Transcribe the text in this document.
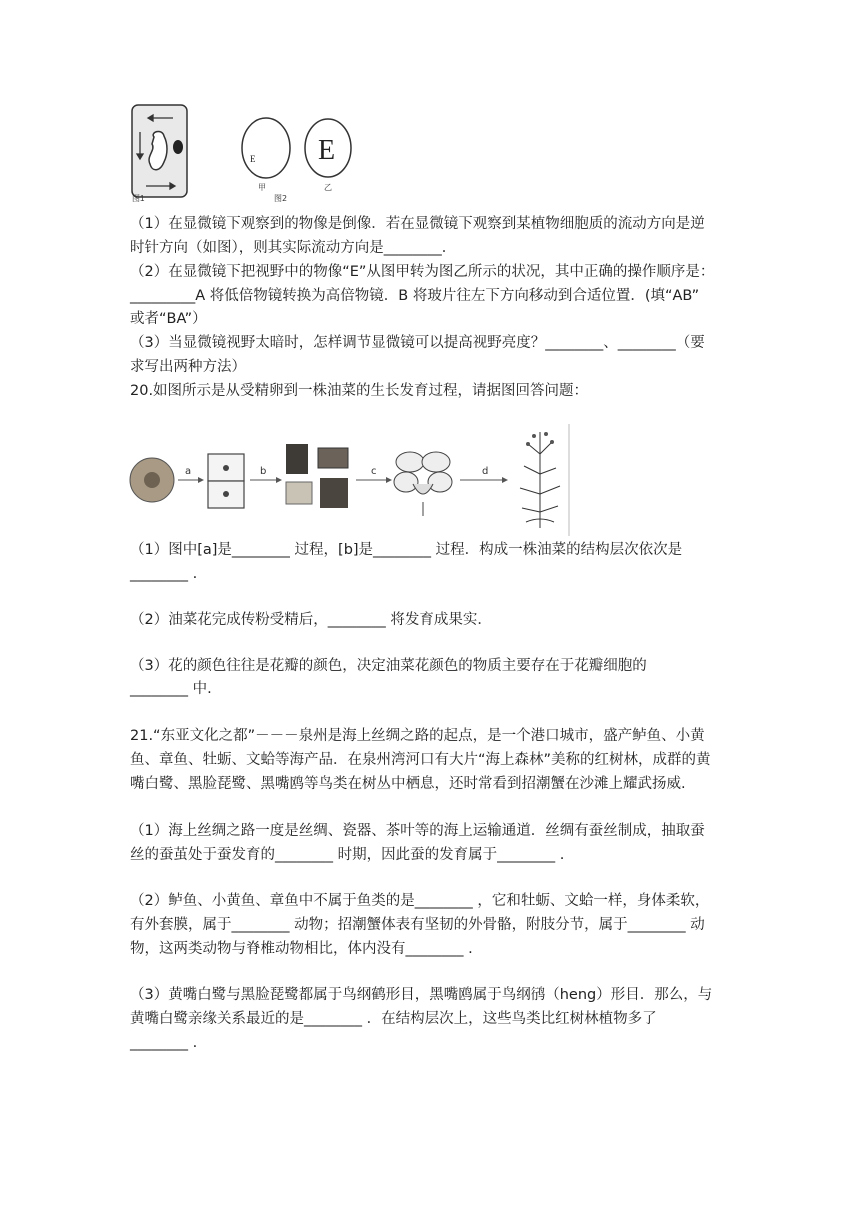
图1
E E
甲	乙
图2
（1）在显微镜下观察到的物像是倒像．若在显微镜下观察到某植物细胞质的流动方向是逆
时针方向（如图），则其实际流动方向是________．
（2）在显微镜下把视野中的物像“E”从图甲转为图乙所示的状况，其中正确的操作顺序是：
_________A 将低倍物镜转换为高倍物镜．B 将玻片往左下方向移动到合适位置．(填“AB”
或者“BA”）
（3）当显微镜视野太暗时，怎样调节显微镜可以提高视野亮度？________、________（要
求写出两种方法）
20.如图所示是从受精卵到一株油菜的生长发育过程，请据图回答问题：
a	b	c	d
（1）图中[a]是________ 过程，[b]是________ 过程．构成一株油菜的结构层次依次是
________ .
（2）油菜花完成传粉受精后，________ 将发育成果实．
（3）花的颜色往往是花瓣的颜色，决定油菜花颜色的物质主要存在于花瓣细胞的
________ 中.
21.“东亚文化之都”－－－泉州是海上丝绸之路的起点，是一个港口城市，盛产鲈鱼、小黄
鱼、章鱼、牡蛎、文蛤等海产品．在泉州湾河口有大片“海上森林”美称的红树林，成群的黄
嘴白鹭、黑脸琵鹭、黑嘴鸥等鸟类在树丛中栖息，还时常看到招潮蟹在沙滩上耀武扬威.
（1）海上丝绸之路一度是丝绸、瓷器、茶叶等的海上运输通道．丝绸有蚕丝制成，抽取蚕
丝的蚕茧处于蚕发育的________ 时期，因此蚕的发育属于________ .
（2）鲈鱼、小黄鱼、章鱼中不属于鱼类的是________ ，它和牡蛎、文蛤一样，身体柔软，
有外套膜，属于________ 动物；招潮蟹体表有坚韧的外骨骼，附肢分节，属于________ 动
物，这两类动物与脊椎动物相比，体内没有________ .
（3）黄嘴白鹭与黑脸琵鹭都属于鸟纲鹤形目，黑嘴鸥属于鸟纲鸻（heng）形目．那么，与
黄嘴白鹭亲缘关系最近的是________ ．在结构层次上，这些鸟类比红树林植物多了
________ .
